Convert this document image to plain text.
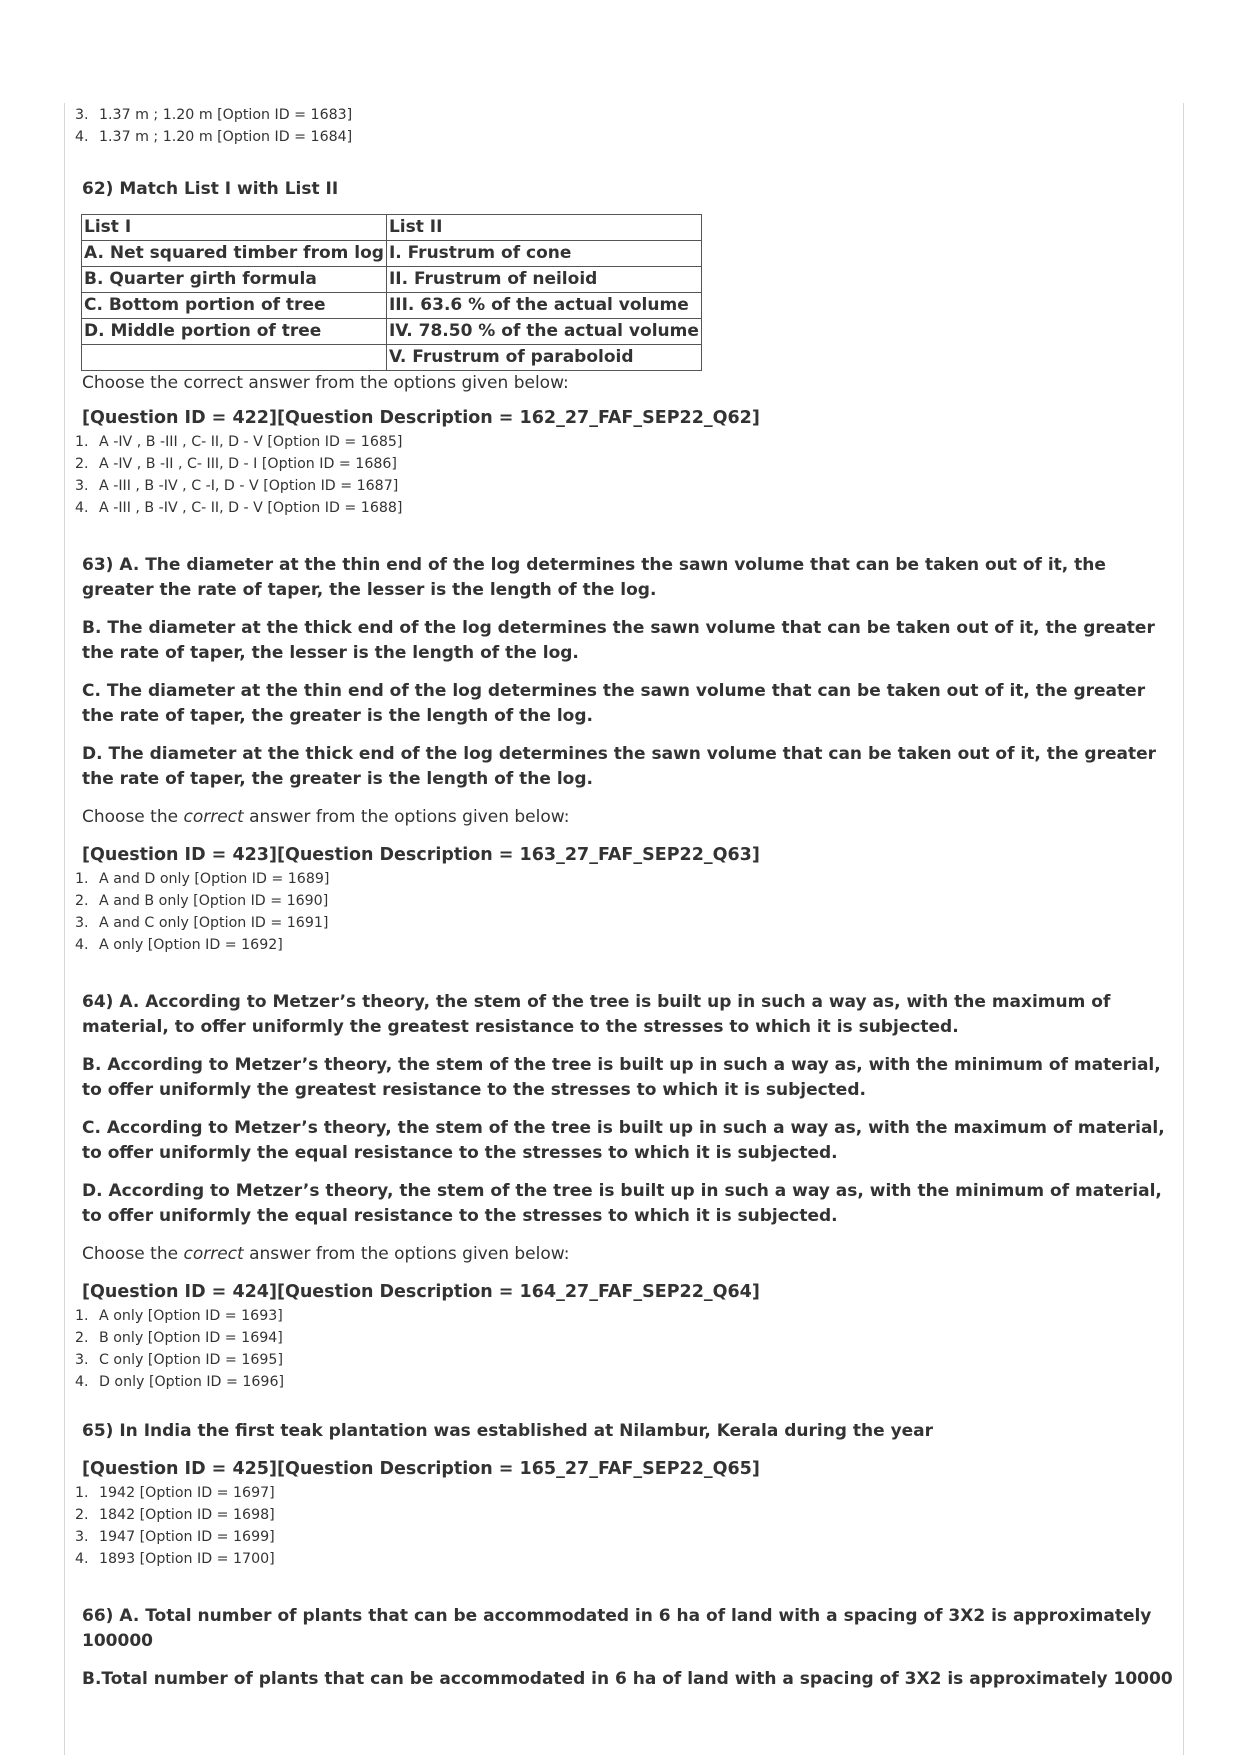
3. 1.37 m ; 1.20 m [Option ID = 1683]
4. 1.37 m ; 1.20 m [Option ID = 1684]

62) Match List I with List II

List I	List II
A. Net squared timber from log	I. Frustrum of cone
B. Quarter girth formula	II. Frustrum of neiloid
C. Bottom portion of tree	III. 63.6 % of the actual volume
D. Middle portion of tree	IV. 78.50 % of the actual volume
	V. Frustrum of paraboloid

Choose the correct answer from the options given below:

[Question ID = 422][Question Description = 162_27_FAF_SEP22_Q62]

1. A -IV , B -III , C- II, D - V [Option ID = 1685]
2. A -IV , B -II , C- III, D - I [Option ID = 1686]
3. A -III , B -IV , C -I, D - V [Option ID = 1687]
4. A -III , B -IV , C- II, D - V [Option ID = 1688]

63) A. The diameter at the thin end of the log determines the sawn volume that can be taken out of it, the greater the rate of taper, the lesser is the length of the log.

B. The diameter at the thick end of the log determines the sawn volume that can be taken out of it, the greater the rate of taper, the lesser is the length of the log.

C. The diameter at the thin end of the log determines the sawn volume that can be taken out of it, the greater the rate of taper, the greater is the length of the log.

D. The diameter at the thick end of the log determines the sawn volume that can be taken out of it, the greater the rate of taper, the greater is the length of the log.

Choose the correct answer from the options given below:

[Question ID = 423][Question Description = 163_27_FAF_SEP22_Q63]

1. A and D only [Option ID = 1689]
2. A and B only [Option ID = 1690]
3. A and C only [Option ID = 1691]
4. A only [Option ID = 1692]

64) A. According to Metzer’s theory, the stem of the tree is built up in such a way as, with the maximum of material, to offer uniformly the greatest resistance to the stresses to which it is subjected.

B. According to Metzer’s theory, the stem of the tree is built up in such a way as, with the minimum of material, to offer uniformly the greatest resistance to the stresses to which it is subjected.

C. According to Metzer’s theory, the stem of the tree is built up in such a way as, with the maximum of material, to offer uniformly the equal resistance to the stresses to which it is subjected.

D. According to Metzer’s theory, the stem of the tree is built up in such a way as, with the minimum of material, to offer uniformly the equal resistance to the stresses to which it is subjected.

Choose the correct answer from the options given below:

[Question ID = 424][Question Description = 164_27_FAF_SEP22_Q64]

1. A only [Option ID = 1693]
2. B only [Option ID = 1694]
3. C only [Option ID = 1695]
4. D only [Option ID = 1696]

65) In India the first teak plantation was established at Nilambur, Kerala during the year

[Question ID = 425][Question Description = 165_27_FAF_SEP22_Q65]

1. 1942 [Option ID = 1697]
2. 1842 [Option ID = 1698]
3. 1947 [Option ID = 1699]
4. 1893 [Option ID = 1700]

66) A. Total number of plants that can be accommodated in 6 ha of land with a spacing of 3X2 is approximately 100000

B.Total number of plants that can be accommodated in 6 ha of land with a spacing of 3X2 is approximately 10000
